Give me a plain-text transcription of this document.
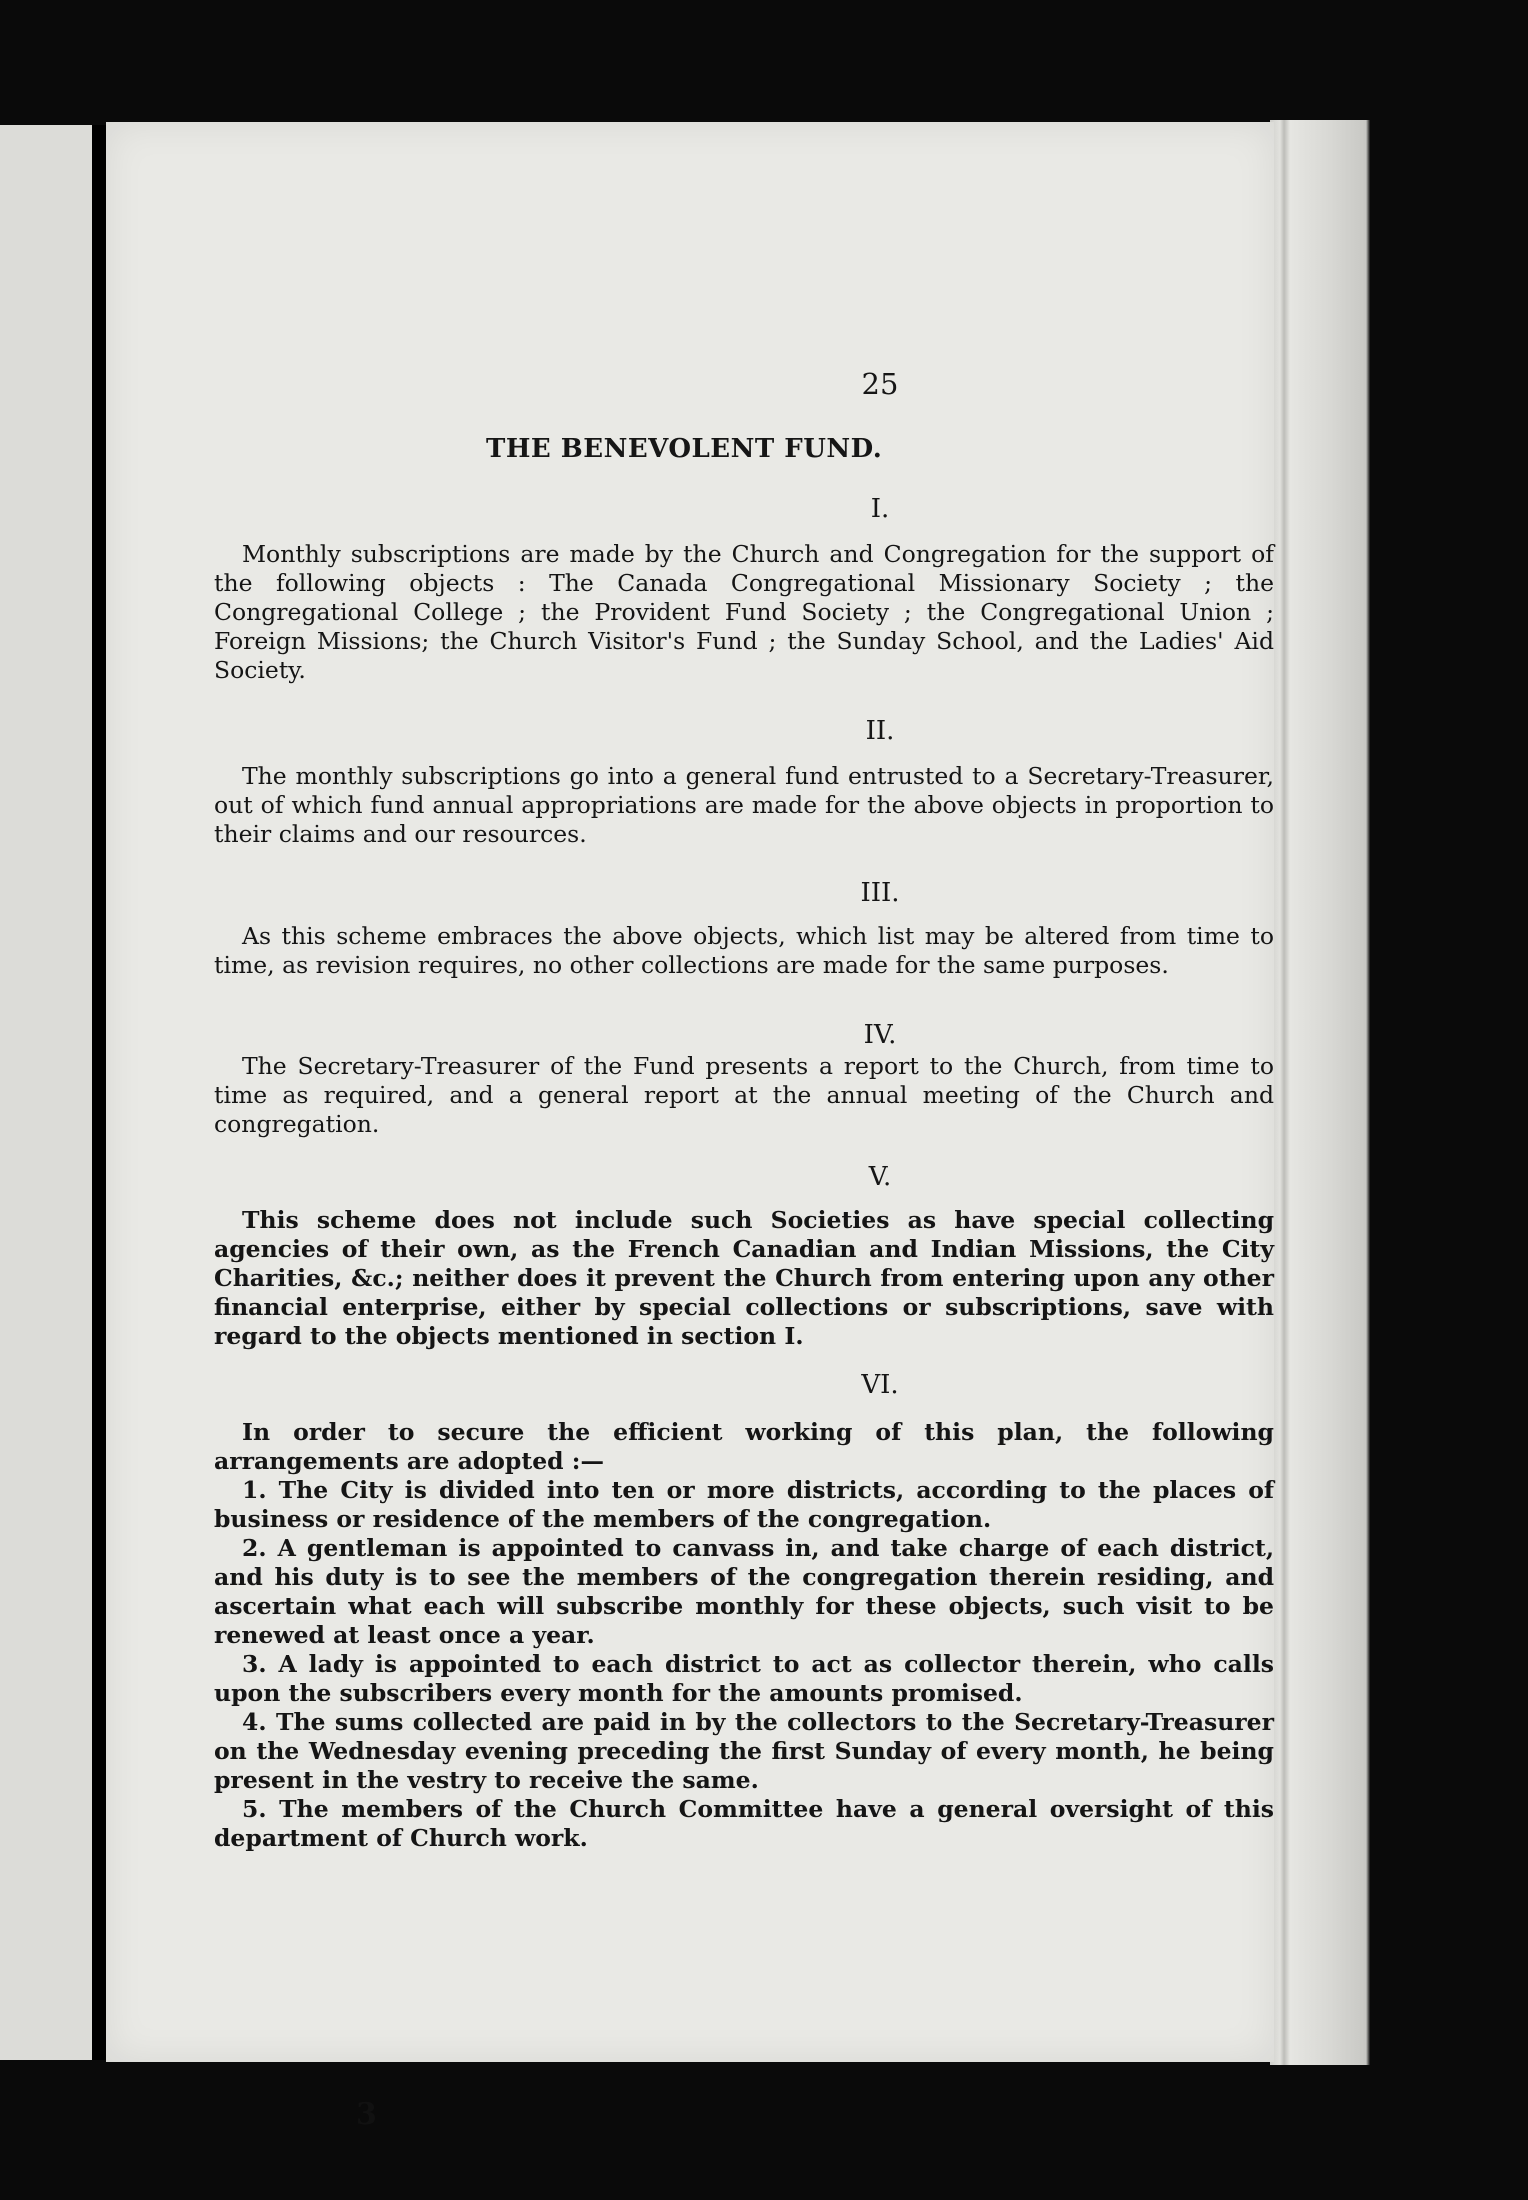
25
THE BENEVOLENT FUND.
I.

Monthly subscriptions are made by the Church and Congregation for the support of the following objects : The Canada Congregational Missionary Society ; the Congregational College ; the Provident Fund Society ; the Congregational Union ; Foreign Missions; the Church Visitor's Fund ; the Sunday School, and the Ladies' Aid Society.

II.

The monthly subscriptions go into a general fund entrusted to a Secretary-Treasurer, out of which fund annual appropriations are made for the above objects in proportion to their claims and our resources.

III.

As this scheme embraces the above objects, which list may be altered from time to time, as revision requires, no other collections are made for the same purposes.

IV.

The Secretary-Treasurer of the Fund presents a report to the Church, from time to time as required, and a general report at the annual meeting of the Church and congregation.

V.

This scheme does not include such Societies as have special collecting agencies of their own, as the French Canadian and Indian Missions, the City Charities, &c.; neither does it prevent the Church from entering upon any other financial enterprise, either by special collections or subscriptions, save with regard to the objects mentioned in section I.

VI.

In order to secure the efficient working of this plan, the following arrangements are adopted :—

1. The City is divided into ten or more districts, according to the places of business or residence of the members of the congregation.

2. A gentleman is appointed to canvass in, and take charge of each district, and his duty is to see the members of the congregation therein residing, and ascertain what each will subscribe monthly for these objects, such visit to be renewed at least once a year.

3. A lady is appointed to each district to act as collector therein, who calls upon the subscribers every month for the amounts promised.

4. The sums collected are paid in by the collectors to the Secretary-Treasurer on the Wednesday evening preceding the first Sunday of every month, he being present in the vestry to receive the same.

5. The members of the Church Committee have a general oversight of this department of Church work.

3
